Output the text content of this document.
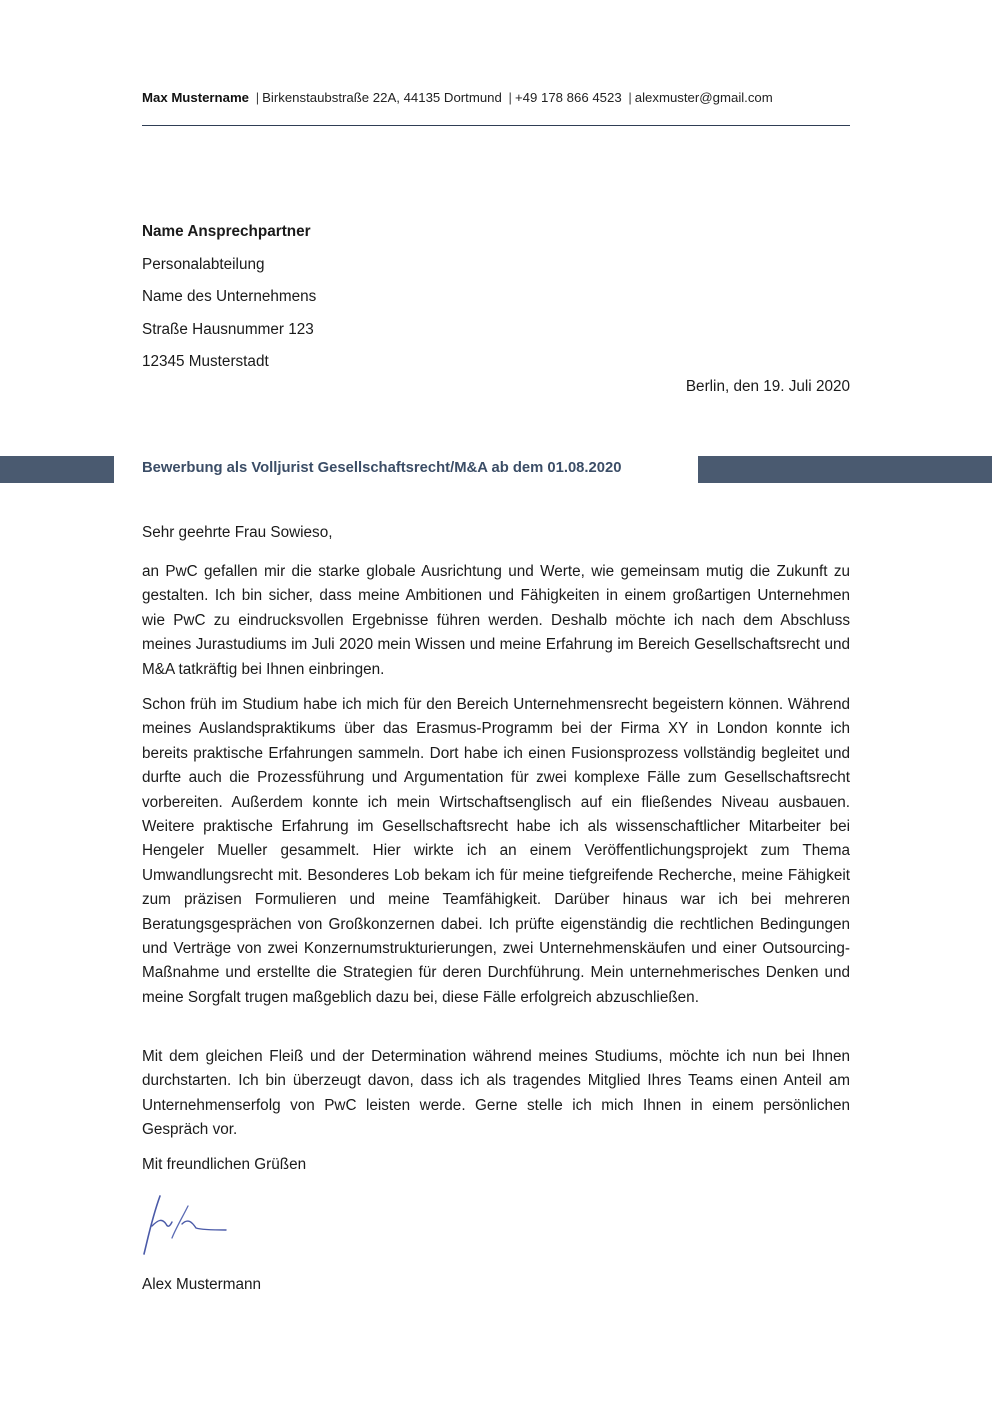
Max Mustername | Birkenstaubstraße 22A, 44135 Dortmund | +49 178 866 4523 | alexmuster@gmail.com
Name Ansprechpartner
Personalabteilung
Name des Unternehmens
Straße Hausnummer 123
12345 Musterstadt
Berlin, den 19. Juli 2020
Bewerbung als Volljurist Gesellschaftsrecht/M&A ab dem 01.08.2020
Sehr geehrte Frau Sowieso,
an PwC gefallen mir die starke globale Ausrichtung und Werte, wie gemeinsam mutig die Zukunft zu gestalten. Ich bin sicher, dass meine Ambitionen und Fähigkeiten in einem großartigen Unternehmen wie PwC zu eindrucksvollen Ergebnisse führen werden. Deshalb möchte ich nach dem Abschluss meines Jurastudiums im Juli 2020 mein Wissen und meine Erfahrung im Bereich Gesellschaftsrecht und M&A tatkräftig bei Ihnen einbringen.
Schon früh im Studium habe ich mich für den Bereich Unternehmensrecht begeistern können. Während meines Auslandspraktikums über das Erasmus-Programm bei der Firma XY in London konnte ich bereits praktische Erfahrungen sammeln. Dort habe ich einen Fusionsprozess vollständig begleitet und durfte auch die Prozessführung und Argumentation für zwei komplexe Fälle zum Gesellschaftsrecht vorbereiten. Außerdem konnte ich mein Wirtschaftsenglisch auf ein fließendes Niveau ausbauen. Weitere praktische Erfahrung im Gesellschaftsrecht habe ich als wissenschaftlicher Mitarbeiter bei Hengeler Mueller gesammelt. Hier wirkte ich an einem Veröffentlichungsprojekt zum Thema Umwandlungsrecht mit. Besonderes Lob bekam ich für meine tiefgreifende Recherche, meine Fähigkeit zum präzisen Formulieren und meine Teamfähigkeit. Darüber hinaus war ich bei mehreren Beratungsgesprächen von Großkonzernen dabei. Ich prüfte eigenständig die rechtlichen Bedingungen und Verträge von zwei Konzernumstrukturierungen, zwei Unternehmenskäufen und einer Outsourcing-Maßnahme und erstellte die Strategien für deren Durchführung. Mein unternehmerisches Denken und meine Sorgfalt trugen maßgeblich dazu bei, diese Fälle erfolgreich abzuschließen.
Mit dem gleichen Fleiß und der Determination während meines Studiums, möchte ich nun bei Ihnen durchstarten. Ich bin überzeugt davon, dass ich als tragendes Mitglied Ihres Teams einen Anteil am Unternehmenserfolg von PwC leisten werde. Gerne stelle ich mich Ihnen in einem persönlichen Gespräch vor.
Mit freundlichen Grüßen
Alex Mustermann
